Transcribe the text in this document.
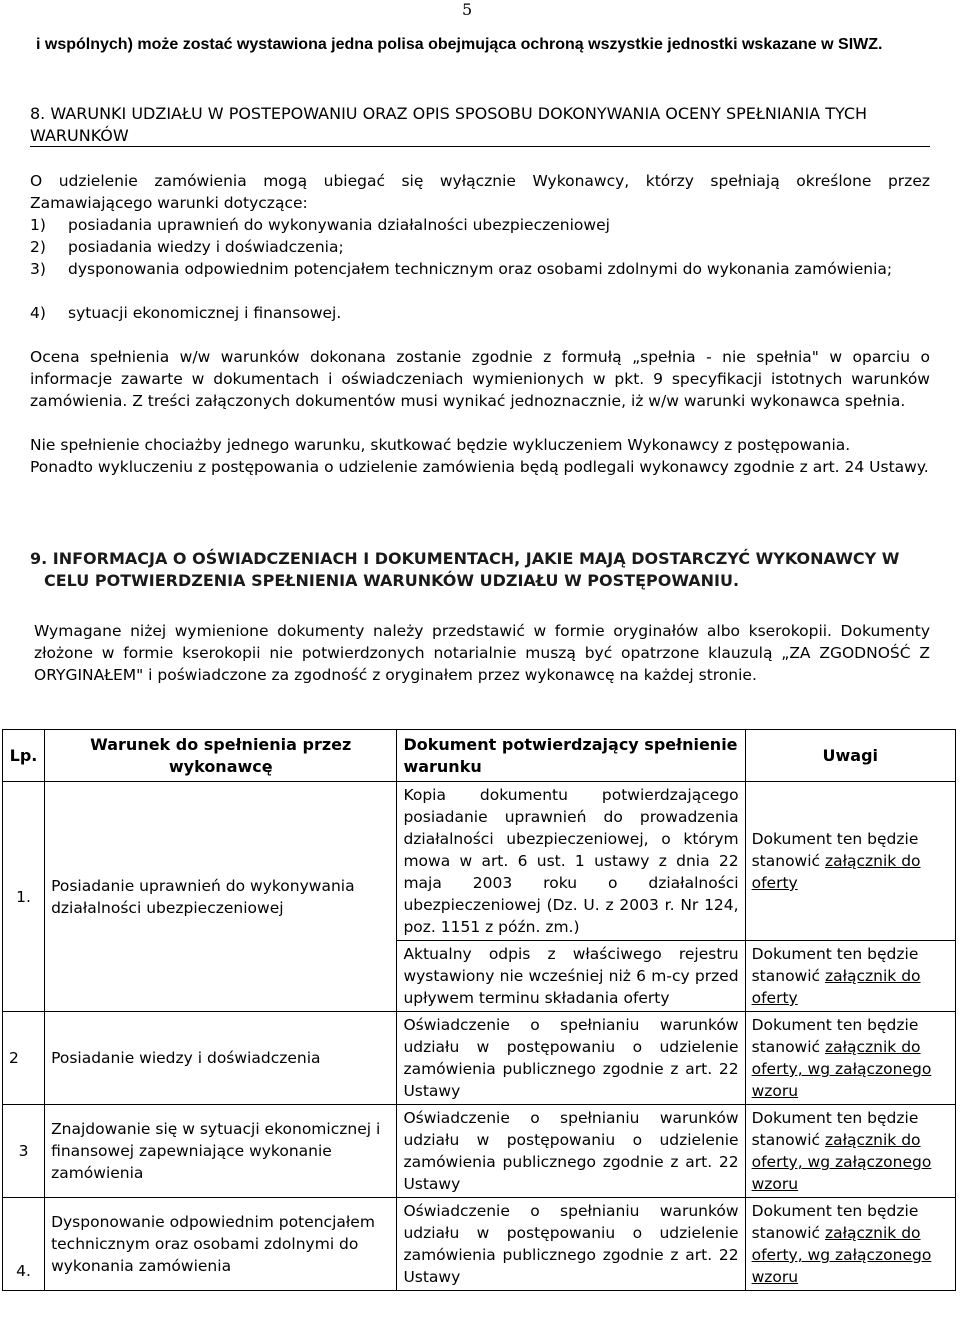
5
i wspólnych) może zostać wystawiona jedna polisa obejmująca ochroną wszystkie jednostki wskazane w SIWZ.
8. WARUNKI UDZIAŁU W POSTEPOWANIU ORAZ OPIS SPOSOBU DOKONYWANIA OCENY SPEŁNIANIA TYCH WARUNKÓW
O udzielenie zamówienia mogą ubiegać się wyłącznie Wykonawcy, którzy spełniają określone przez Zamawiającego warunki dotyczące:
1)	posiadania uprawnień do wykonywania działalności ubezpieczeniowej
2)	posiadania wiedzy i doświadczenia;
3)	dysponowania odpowiednim potencjałem technicznym oraz osobami zdolnymi do wykonania zamówienia;
4)	sytuacji ekonomicznej i finansowej.
Ocena spełnienia w/w warunków dokonana zostanie zgodnie z formułą „spełnia - nie spełnia" w oparciu o informacje zawarte w dokumentach i oświadczeniach wymienionych w pkt. 9 specyfikacji istotnych warunków zamówienia. Z treści załączonych dokumentów musi wynikać jednoznacznie, iż w/w warunki wykonawca spełnia.
Nie spełnienie chociażby jednego warunku, skutkować będzie wykluczeniem Wykonawcy z postępowania.
Ponadto wykluczeniu z postępowania o udzielenie zamówienia będą podlegali wykonawcy zgodnie z art. 24 Ustawy.
9. INFORMACJA O OŚWIADCZENIACH I DOKUMENTACH, JAKIE MAJĄ DOSTARCZYĆ WYKONAWCY W
CELU POTWIERDZENIA SPEŁNIENIA WARUNKÓW UDZIAŁU W POSTĘPOWANIU.
Wymagane niżej wymienione dokumenty należy przedstawić w formie oryginałów albo kserokopii. Dokumenty złożone w formie kserokopii nie potwierdzonych notarialnie muszą być opatrzone klauzulą „ZA ZGODNOŚĆ Z ORYGINAŁEM" i poświadczone za zgodność z oryginałem przez wykonawcę na każdej stronie.
Lp.	Warunek do spełnienia przez wykonawcę	Dokument potwierdzający spełnienie warunku	Uwagi
1.	Posiadanie uprawnień do wykonywania działalności ubezpieczeniowej	Kopia dokumentu potwierdzającego posiadanie uprawnień do prowadzenia działalności ubezpieczeniowej, o którym mowa w art. 6 ust. 1 ustawy z dnia 22 maja 2003 roku o działalności ubezpieczeniowej (Dz. U. z 2003 r. Nr 124, poz. 1151 z późn. zm.)	Dokument ten będzie stanowić załącznik do oferty
		Aktualny odpis z właściwego rejestru wystawiony nie wcześniej niż 6 m-cy przed upływem terminu składania oferty	Dokument ten będzie stanowić załącznik do oferty
2	Posiadanie wiedzy i doświadczenia	Oświadczenie o spełnianiu warunków udziału w postępowaniu o udzielenie zamówienia publicznego zgodnie z art. 22 Ustawy	Dokument ten będzie stanowić załącznik do oferty, wg załączonego wzoru
3	Znajdowanie się w sytuacji ekonomicznej i finansowej zapewniające wykonanie zamówienia	Oświadczenie o spełnianiu warunków udziału w postępowaniu o udzielenie zamówienia publicznego zgodnie z art. 22 Ustawy	Dokument ten będzie stanowić załącznik do oferty, wg załączonego wzoru
4.	Dysponowanie odpowiednim potencjałem technicznym oraz osobami zdolnymi do wykonania zamówienia	Oświadczenie o spełnianiu warunków udziału w postępowaniu o udzielenie zamówienia publicznego zgodnie z art. 22 Ustawy	Dokument ten będzie stanowić załącznik do oferty, wg załączonego wzoru
